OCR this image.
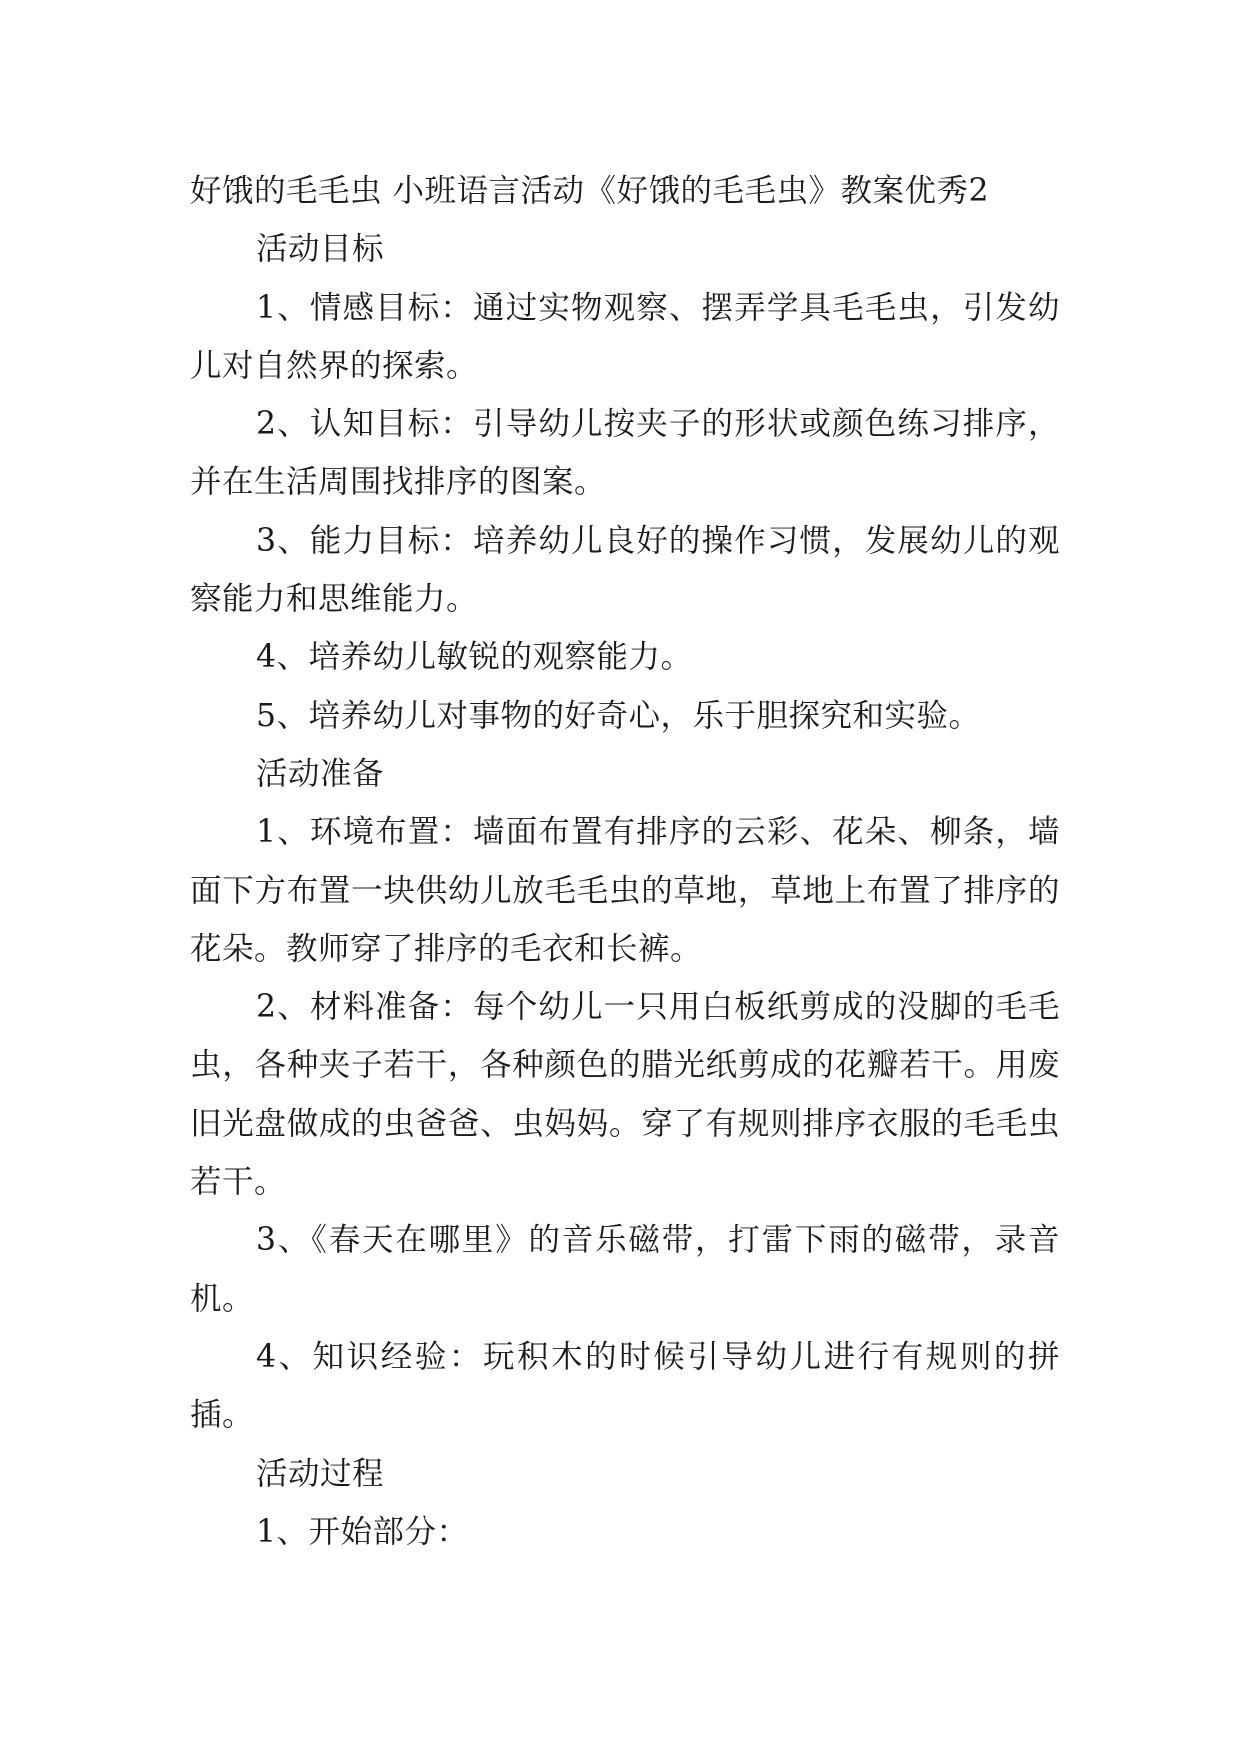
好饿的毛毛虫 小班语言活动《好饿的毛毛虫》教案优秀2

活动目标

1、情感目标：通过实物观察、摆弄学具毛毛虫，引发幼儿对自然界的探索。

2、认知目标：引导幼儿按夹子的形状或颜色练习排序，并在生活周围找排序的图案。

3、能力目标：培养幼儿良好的操作习惯，发展幼儿的观察能力和思维能力。

4、培养幼儿敏锐的观察能力。

5、培养幼儿对事物的好奇心，乐于胆探究和实验。

活动准备

1、环境布置：墙面布置有排序的云彩、花朵、柳条，墙面下方布置一块供幼儿放毛毛虫的草地，草地上布置了排序的花朵。教师穿了排序的毛衣和长裤。

2、材料准备：每个幼儿一只用白板纸剪成的没脚的毛毛虫，各种夹子若干，各种颜色的腊光纸剪成的花瓣若干。用废旧光盘做成的虫爸爸、虫妈妈。穿了有规则排序衣服的毛毛虫若干。

3、《春天在哪里》的音乐磁带，打雷下雨的磁带，录音机。

4、知识经验：玩积木的时候引导幼儿进行有规则的拼插。

活动过程

1、开始部分：
